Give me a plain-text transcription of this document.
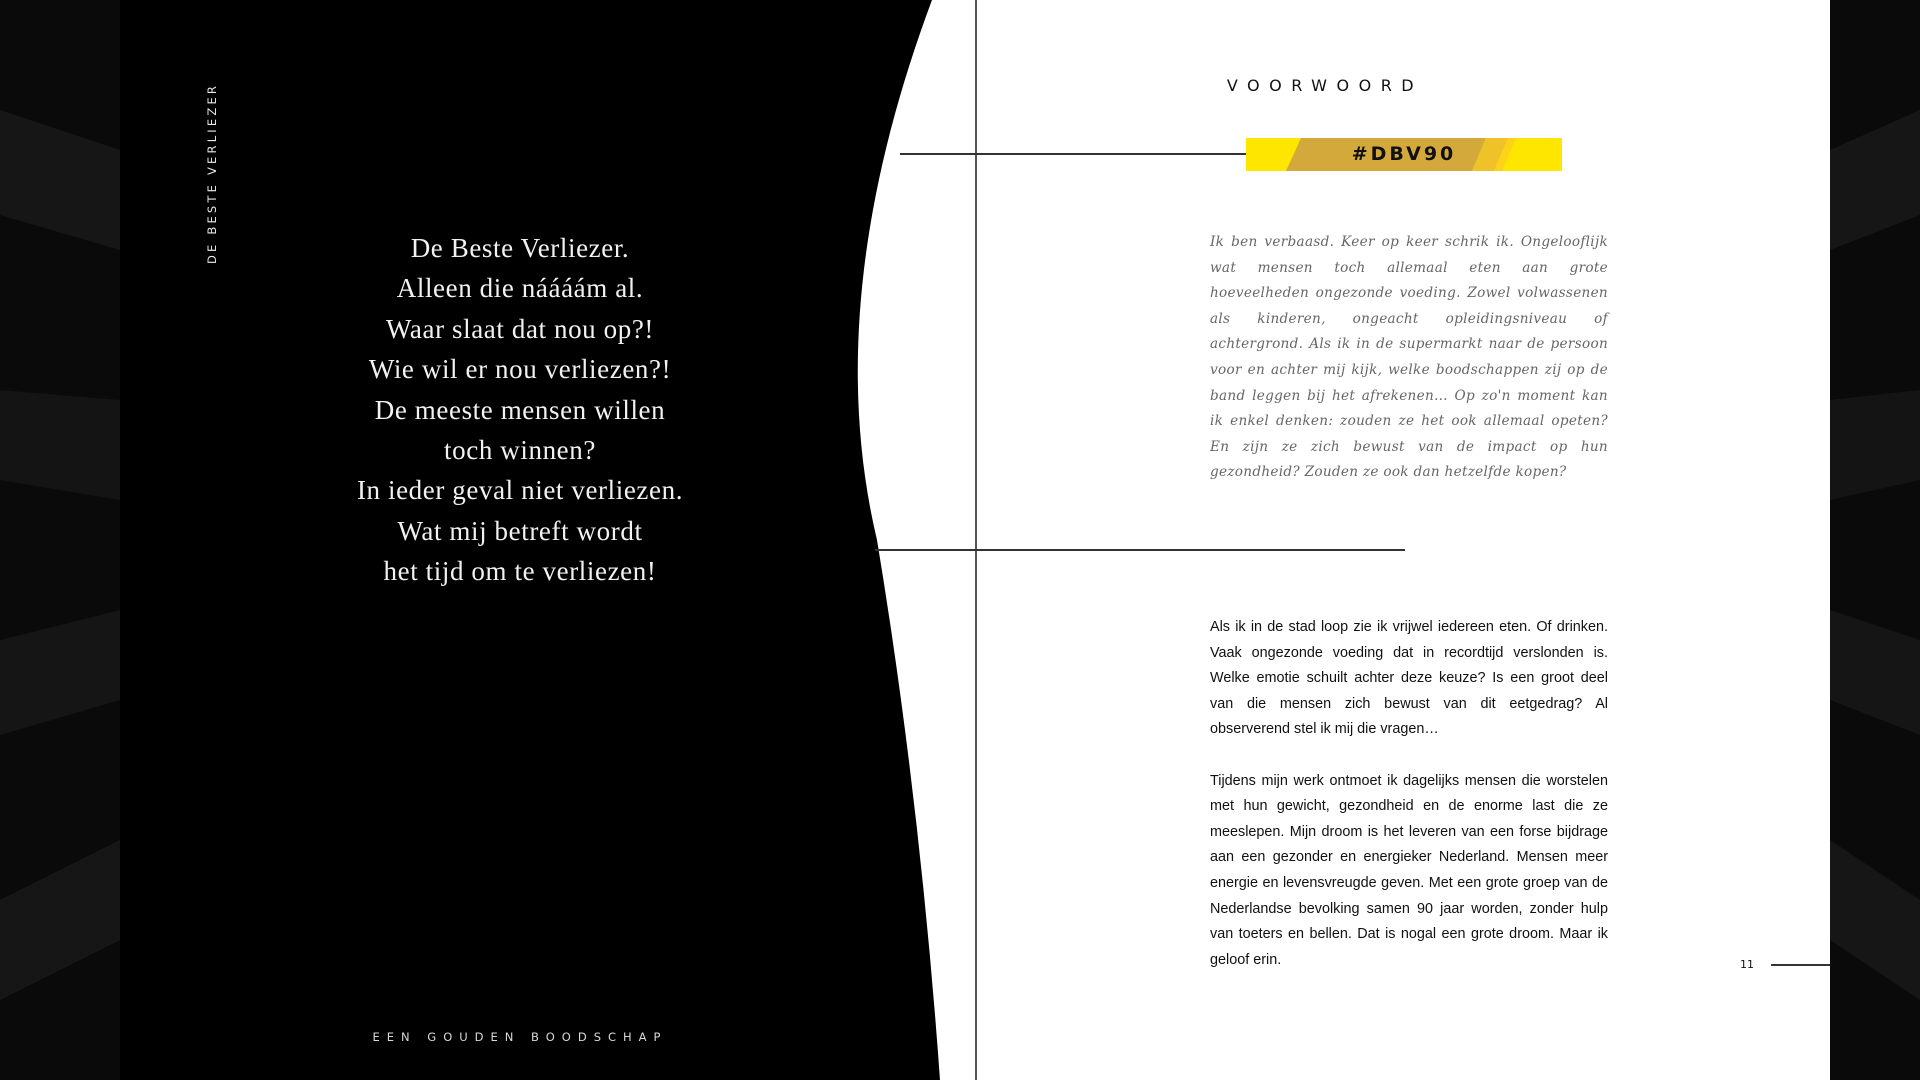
DE BESTE VERLIEZER	De Beste Verliezer.
Alleen die náááám al.
Waar slaat dat nou op?!
Wie wil er nou verliezen?!
De meeste mensen willen
toch winnen?
In ieder geval niet verliezen.
Wat mij betreft wordt
het tijd om te verliezen!
EEN GOUDEN BOODSCHAP
VOORWOORD
#DBV90
Ik ben verbaasd. Keer op keer schrik ik. Ongelooflijk wat mensen toch allemaal eten aan grote hoeveelheden ongezonde voeding. Zowel volwassenen als kinderen, ongeacht opleidingsniveau of achtergrond. Als ik in de supermarkt naar de persoon voor en achter mij kijk, welke boodschappen zij op de band leggen bij het afrekenen… Op zo'n moment kan ik enkel denken: zouden ze het ook allemaal opeten? En zijn ze zich bewust van de impact op hun gezondheid? Zouden ze ook dan hetzelfde kopen?

Als ik in de stad loop zie ik vrijwel iedereen eten. Of drinken. Vaak ongezonde voeding dat in recordtijd verslonden is. Welke emotie schuilt achter deze keuze? Is een groot deel van die mensen zich bewust van dit eetgedrag? Al observerend stel ik mij die vragen…

Tijdens mijn werk ontmoet ik dagelijks mensen die worstelen met hun gewicht, gezondheid en de enorme last die ze meeslepen. Mijn droom is het leveren van een forse bijdrage aan een gezonder en energieker Nederland. Mensen meer energie en levensvreugde geven. Met een grote groep van de Nederlandse bevolking samen 90 jaar worden, zonder hulp van toeters en bellen. Dat is nogal een grote droom. Maar ik geloof erin.	11
